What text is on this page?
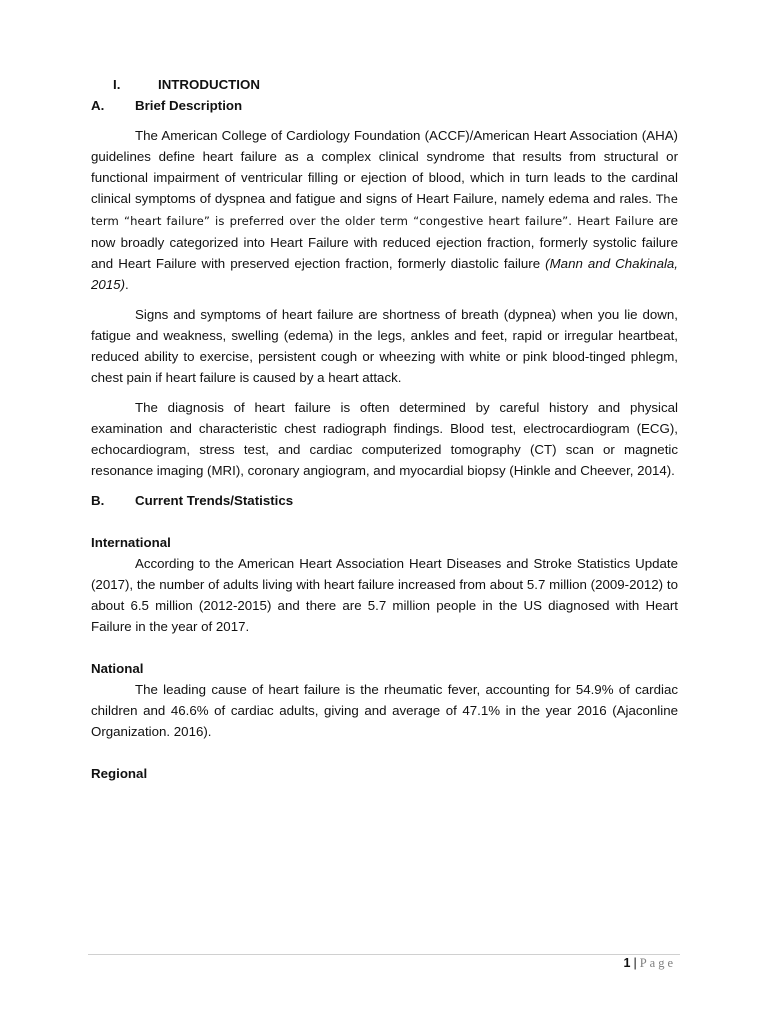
I.	INTRODUCTION
A. Brief Description

The American College of Cardiology Foundation (ACCF)/American Heart Association (AHA) guidelines define heart failure as a complex clinical syndrome that results from structural or functional impairment of ventricular filling or ejection of blood, which in turn leads to the cardinal clinical symptoms of dyspnea and fatigue and signs of Heart Failure, namely edema and rales. The term “heart failure” is preferred over the older term “congestive heart failure”. Heart Failure are now broadly categorized into Heart Failure with reduced ejection fraction, formerly systolic failure and Heart Failure with preserved ejection fraction, formerly diastolic failure (Mann and Chakinala, 2015).

Signs and symptoms of heart failure are shortness of breath (dypnea) when you lie down, fatigue and weakness, swelling (edema) in the legs, ankles and feet, rapid or irregular heartbeat, reduced ability to exercise, persistent cough or wheezing with white or pink blood-tinged phlegm, chest pain if heart failure is caused by a heart attack.

The diagnosis of heart failure is often determined by careful history and physical examination and characteristic chest radiograph findings. Blood test, electrocardiogram (ECG), echocardiogram, stress test, and cardiac computerized tomography (CT) scan or magnetic resonance imaging (MRI), coronary angiogram, and myocardial biopsy (Hinkle and Cheever, 2014).

B. Current Trends/Statistics
International

According to the American Heart Association Heart Diseases and Stroke Statistics Update (2017), the number of adults living with heart failure increased from about 5.7 million (2009-2012) to about 6.5 million (2012-2015) and there are 5.7 million people in the US diagnosed with Heart Failure in the year of 2017.

National

The leading cause of heart failure is the rheumatic fever, accounting for 54.9% of cardiac children and 46.6% of cardiac adults, giving and average of 47.1% in the year 2016 (Ajaconline Organization. 2016).

Regional
1 | Page
